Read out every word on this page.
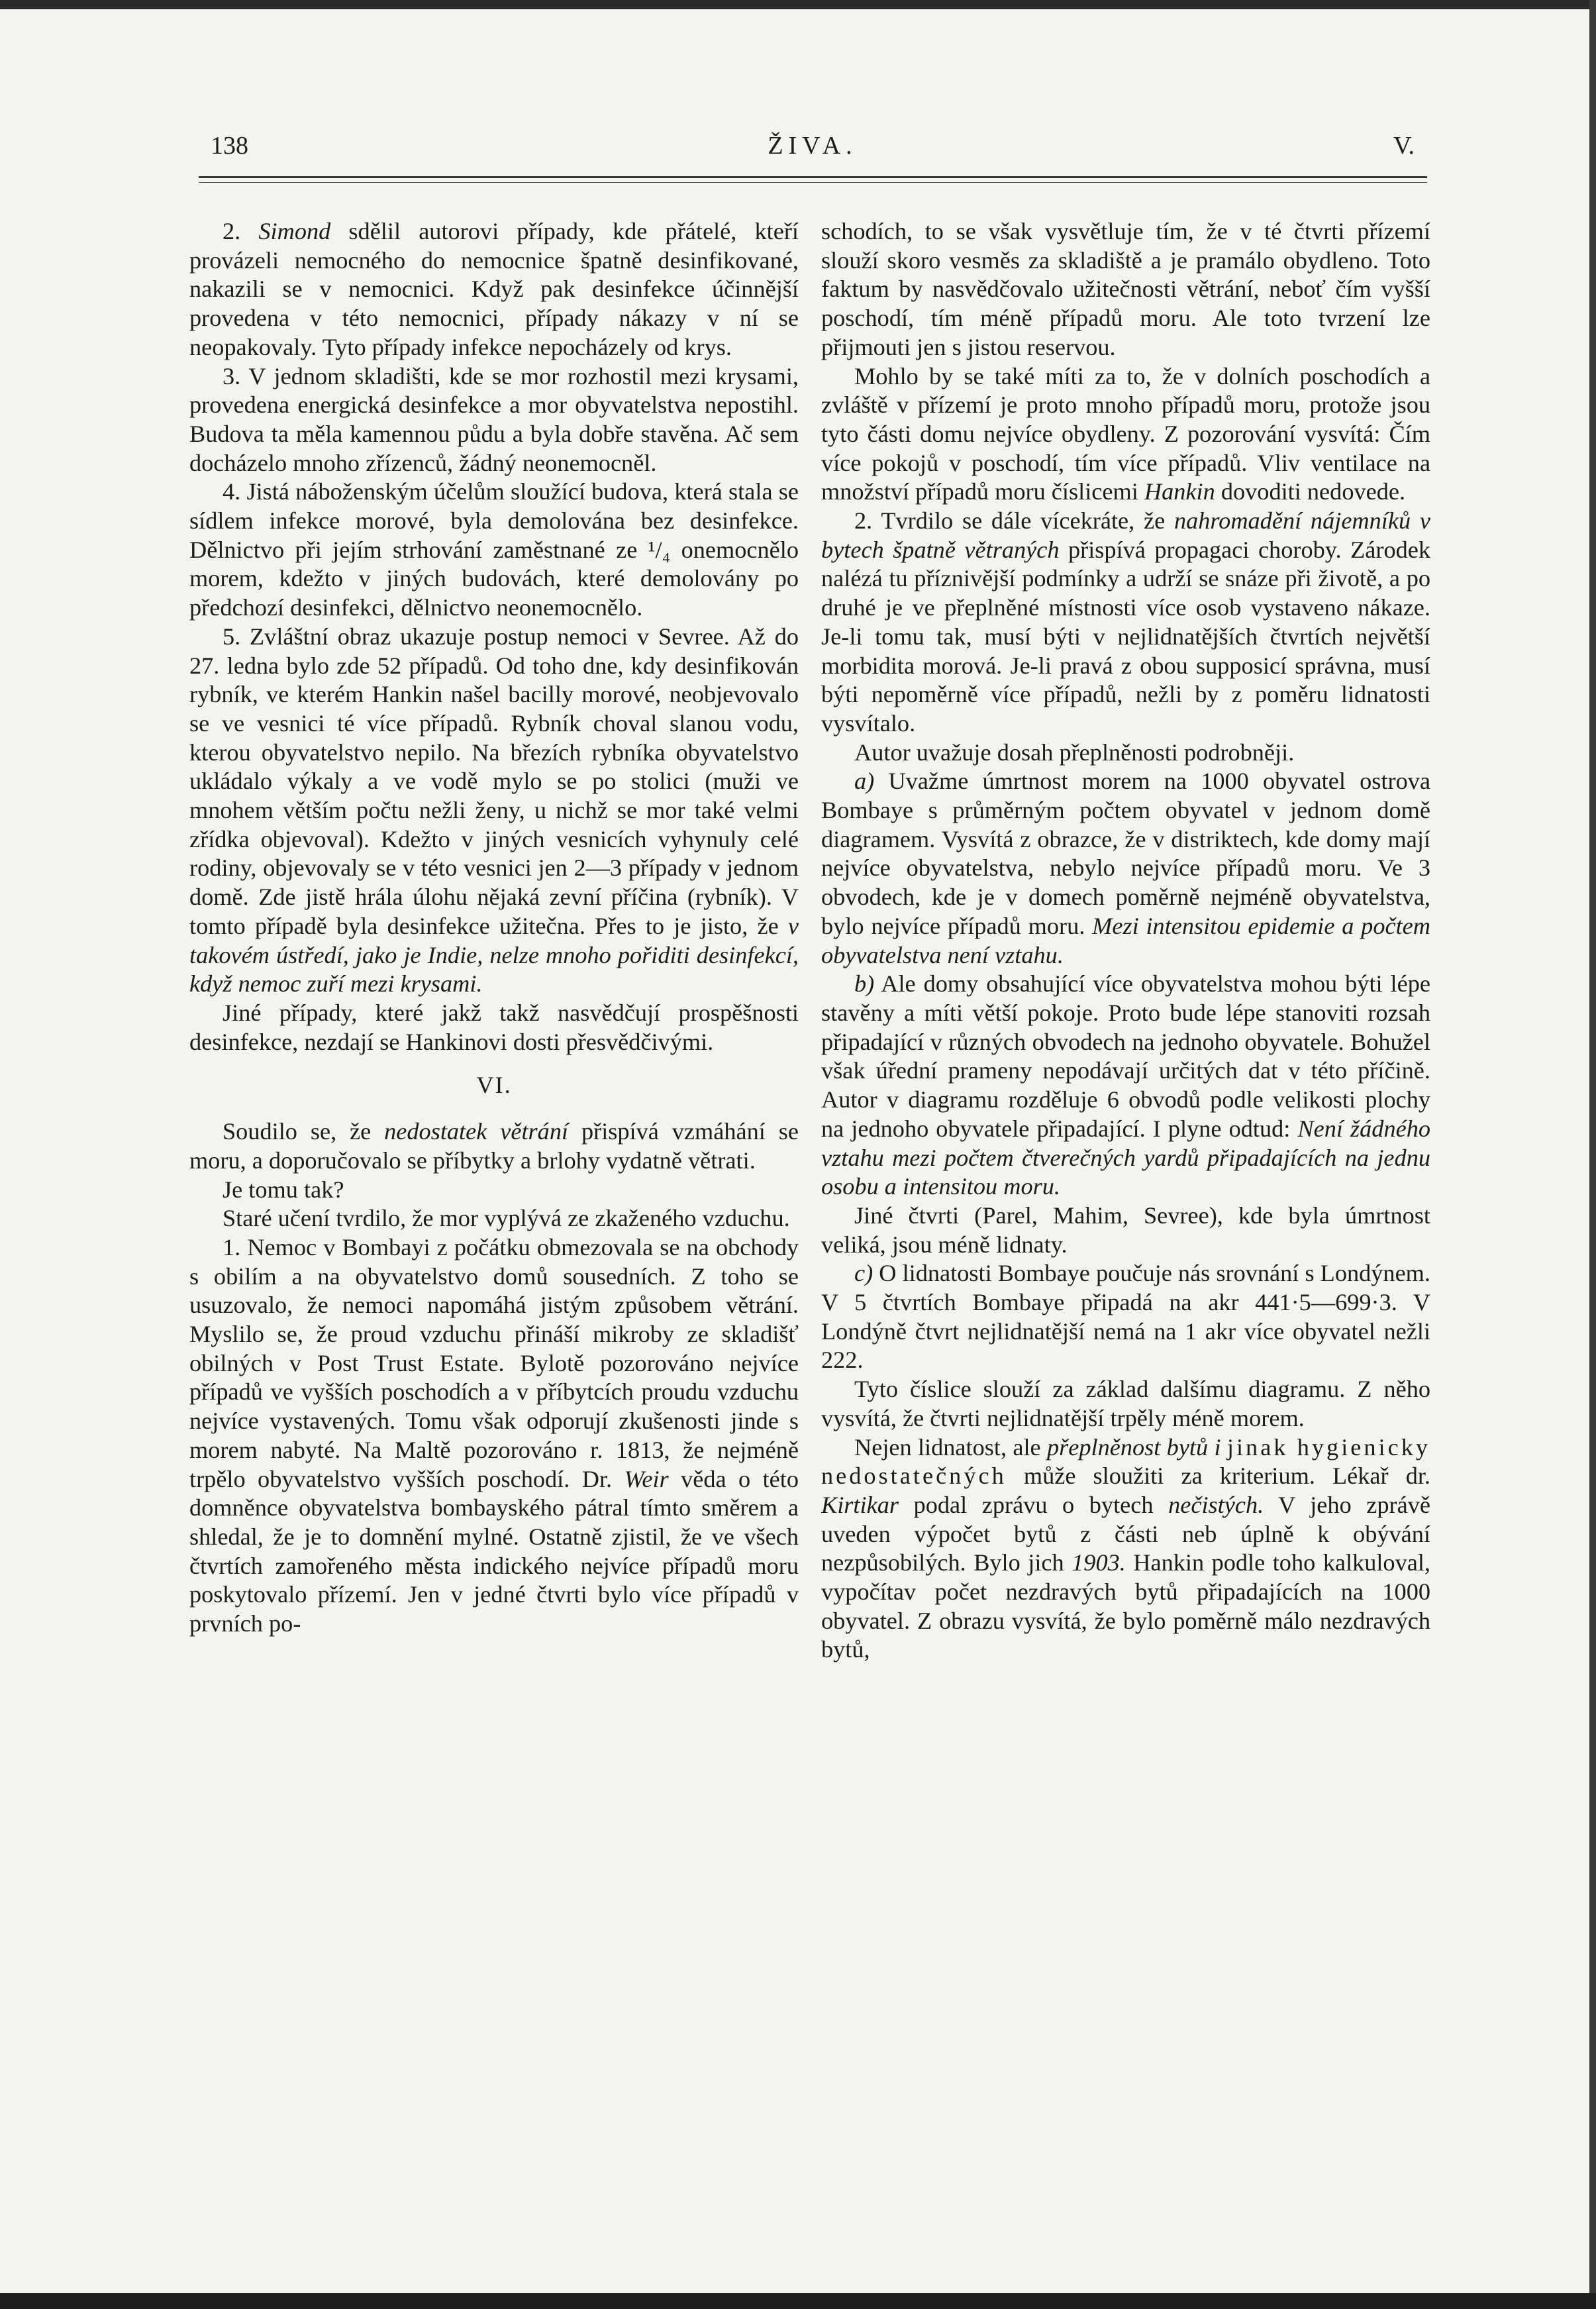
ŽIVA.
138	V.

2. Simond sdělil autorovi případy, kde přátelé, kteří provázeli nemocného do nemocnice špatně desinfikované, nakazili se v nemocnici. Když pak desinfekce účinnější provedena v této nemocnici, případy nákazy v ní se neopakovaly. Tyto případy infekce nepocházely od krys.

3. V jednom skladišti, kde se mor rozhostil mezi krysami, provedena energická desinfekce a mor obyvatelstva nepostihl. Budova ta měla kamennou půdu a byla dobře stavěna. Ač sem docházelo mnoho zřízenců, žádný neonemocněl.

4. Jistá náboženským účelům sloužící budova, která stala se sídlem infekce morové, byla demolována bez desinfekce. Dělnictvo při jejím strhování zaměstnané ze ¹/₄ onemocnělo morem, kdežto v jiných budovách, které demolovány po předchozí desinfekci, dělnictvo neonemocnělo.

5. Zvláštní obraz ukazuje postup nemoci v Sevree. Až do 27. ledna bylo zde 52 případů. Od toho dne, kdy desinfikován rybník, ve kterém Hankin našel bacilly morové, neobjevovalo se ve vesnici té více případů. Rybník choval slanou vodu, kterou obyvatelstvo nepilo. Na březích rybníka obyvatelstvo ukládalo výkaly a ve vodě mylo se po stolici (muži ve mnohem větším počtu nežli ženy, u nichž se mor také velmi zřídka objevoval). Kdežto v jiných vesnicích vyhynuly celé rodiny, objevovaly se v této vesnici jen 2—3 případy v jednom domě. Zde jistě hrála úlohu nějaká zevní příčina (rybník). V tomto případě byla desinfekce užitečna. Přes to je jisto, že v takovém ústředí, jako je Indie, nelze mnoho pořiditi desinfekcí, když nemoc zuří mezi krysami.

Jiné případy, které jakž takž nasvědčují prospěšnosti desinfekce, nezdají se Hankinovi dosti přesvědčivými.

VI.

Soudilo se, že nedostatek větrání přispívá vzmáhání se moru, a doporučovalo se příbytky a brlohy vydatně větrati.

Je tomu tak?

Staré učení tvrdilo, že mor vyplývá ze zkaženého vzduchu.

1. Nemoc v Bombayi z počátku obmezovala se na obchody s obilím a na obyvatelstvo domů sousedních. Z toho se usuzovalo, že nemoci napomáhá jistým způsobem větrání. Myslilo se, že proud vzduchu přináší mikroby ze skladišť obilných v Post Trust Estate. Bylotě pozorováno nejvíce případů ve vyšších poschodích a v příbytcích proudu vzduchu nejvíce vystavených. Tomu však odporují zkušenosti jinde s morem nabyté. Na Maltě pozorováno r. 1813, že nejméně trpělo obyvatelstvo vyšších poschodí. Dr. Weir věda o této domněnce obyvatelstva bombayského pátral tímto směrem a shledal, že je to domnění mylné. Ostatně zjistil, že ve všech čtvrtích zamořeného města indického nejvíce případů moru poskytovalo přízemí. Jen v jedné čtvrti bylo více případů v prvních po-

schodích, to se však vysvětluje tím, že v té čtvrti přízemí slouží skoro vesměs za skladiště a je pramálo obydleno. Toto faktum by nasvědčovalo užitečnosti větrání, neboť čím vyšší poschodí, tím méně případů moru. Ale toto tvrzení lze přijmouti jen s jistou reservou.

Mohlo by se také míti za to, že v dolních poschodích a zvláště v přízemí je proto mnoho případů moru, protože jsou tyto části domu nejvíce obydleny. Z pozorování vysvítá: Čím více pokojů v poschodí, tím více případů. Vliv ventilace na množství případů moru číslicemi Hankin dovoditi nedovede.

2. Tvrdilo se dále vícekráte, že nahromadění nájemníků v bytech špatně větraných přispívá propagaci choroby. Zárodek nalézá tu příznivější podmínky a udrží se snáze při životě, a po druhé je ve přeplněné místnosti více osob vystaveno nákaze. Je-li tomu tak, musí býti v nejlidnatějších čtvrtích největší morbidita morová. Je-li pravá z obou supposicí správna, musí býti nepoměrně více případů, nežli by z poměru lidnatosti vysvítalo.

Autor uvažuje dosah přeplněnosti podrobněji.

a) Uvažme úmrtnost morem na 1000 obyvatel ostrova Bombaye s průměrným počtem obyvatel v jednom domě diagramem. Vysvítá z obrazce, že v distriktech, kde domy mají nejvíce obyvatelstva, nebylo nejvíce případů moru. Ve 3 obvodech, kde je v domech poměrně nejméně obyvatelstva, bylo nejvíce případů moru. Mezi intensitou epidemie a počtem obyvatelstva není vztahu.

b) Ale domy obsahující více obyvatelstva mohou býti lépe stavěny a míti větší pokoje. Proto bude lépe stanoviti rozsah připadající v různých obvodech na jednoho obyvatele. Bohužel však úřední prameny nepodávají určitých dat v této příčině. Autor v diagramu rozděluje 6 obvodů podle velikosti plochy na jednoho obyvatele připadající. I plyne odtud: Není žádného vztahu mezi počtem čtverečných yardů připadajících na jednu osobu a intensitou moru.

Jiné čtvrti (Parel, Mahim, Sevree), kde byla úmrtnost veliká, jsou méně lidnaty.

c) O lidnatosti Bombaye poučuje nás srovnání s Londýnem. V 5 čtvrtích Bombaye připadá na akr 441·5—699·3. V Londýně čtvrt nejlidnatější nemá na 1 akr více obyvatel nežli 222.

Tyto číslice slouží za základ dalšímu diagramu. Z něho vysvítá, že čtvrti nejlidnatější trpěly méně morem.

Nejen lidnatost, ale přeplněnost bytů i jinak hygienicky nedostatečných může sloužiti za kriterium. Lékař dr. Kirtikar podal zprávu o bytech nečistých. V jeho zprávě uveden výpočet bytů z části neb úplně k obývání nezpůsobilých. Bylo jich 1903. Hankin podle toho kalkuloval, vypočítav počet nezdravých bytů připadajících na 1000 obyvatel. Z obrazu vysvítá, že bylo poměrně málo nezdravých bytů,
